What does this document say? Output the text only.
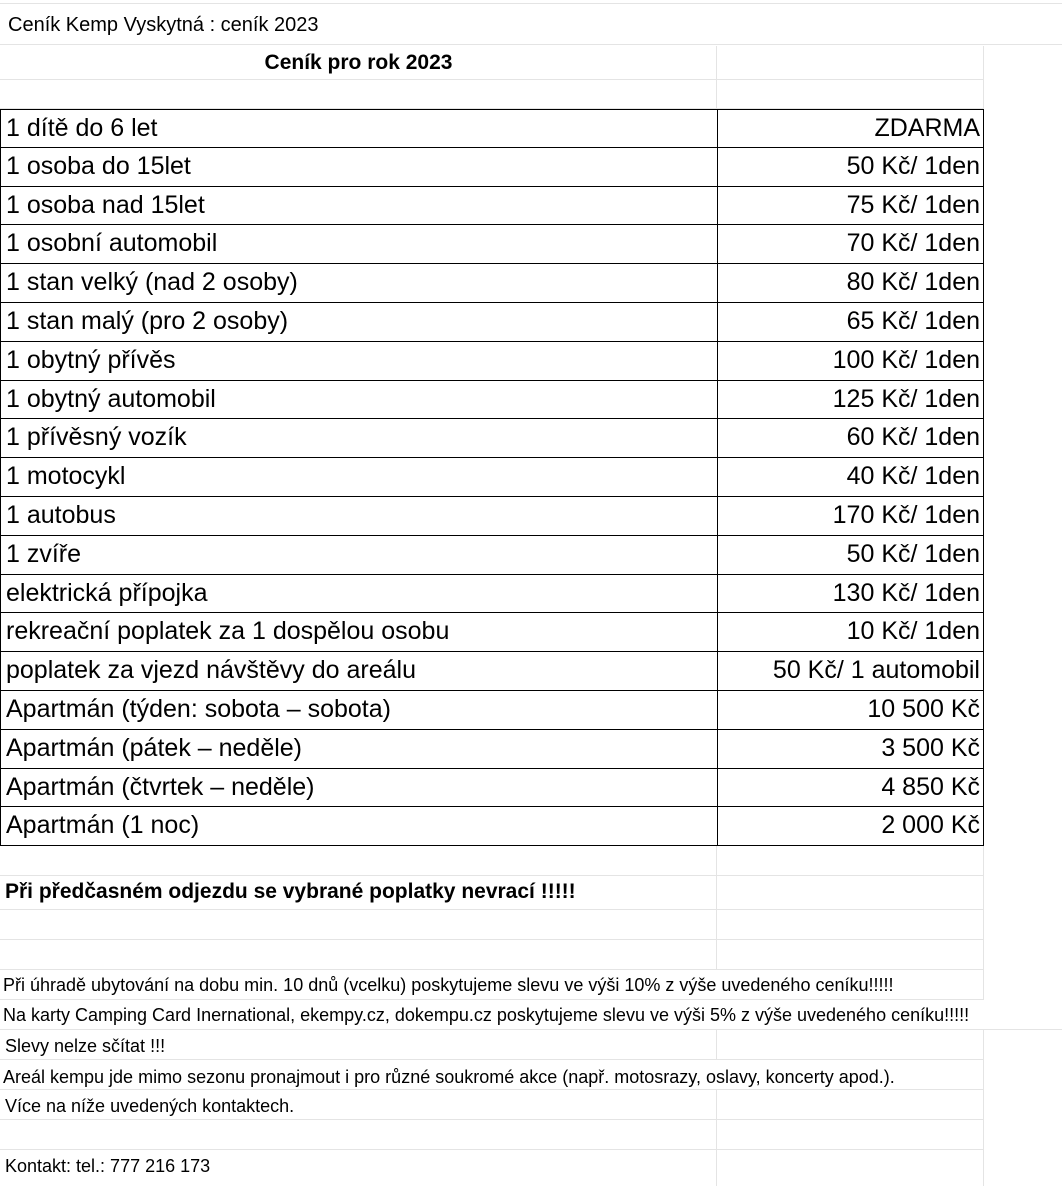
Ceník Kemp Vyskytná : ceník 2023
Ceník pro rok 2023
1 dítě do 6 let	ZDARMA
1 osoba do 15let	50 Kč/ 1den
1 osoba nad 15let	75 Kč/ 1den
1 osobní automobil	70 Kč/ 1den
1 stan velký (nad 2 osoby)	80 Kč/ 1den
1 stan malý (pro 2 osoby)	65 Kč/ 1den
1 obytný přívěs	100 Kč/ 1den
1 obytný automobil	125 Kč/ 1den
1 přívěsný vozík	60 Kč/ 1den
1 motocykl	40 Kč/ 1den
1 autobus	170 Kč/ 1den
1 zvíře	50 Kč/ 1den
elektrická přípojka	130 Kč/ 1den
rekreační poplatek za 1 dospělou osobu	10 Kč/ 1den
poplatek za vjezd návštěvy do areálu	50 Kč/ 1 automobil
Apartmán (týden: sobota – sobota)	10 500 Kč
Apartmán (pátek – neděle)	3 500 Kč
Apartmán (čtvrtek – neděle)	4 850 Kč
Apartmán (1 noc)	2 000 Kč
Při předčasném odjezdu se vybrané poplatky nevrací !!!!!
Při úhradě ubytování na dobu min. 10 dnů (vcelku) poskytujeme slevu ve výši 10% z výše uvedeného ceníku!!!!!
Na karty Camping Card Inernational, ekempy.cz, dokempu.cz poskytujeme slevu ve výši 5% z výše uvedeného ceníku!!!!!
Slevy nelze sčítat !!!
Areál kempu jde mimo sezonu pronajmout i pro různé soukromé akce (např. motosrazy, oslavy, koncerty apod.).
Více na níže uvedených kontaktech.
Kontakt: tel.: 777 216 173
